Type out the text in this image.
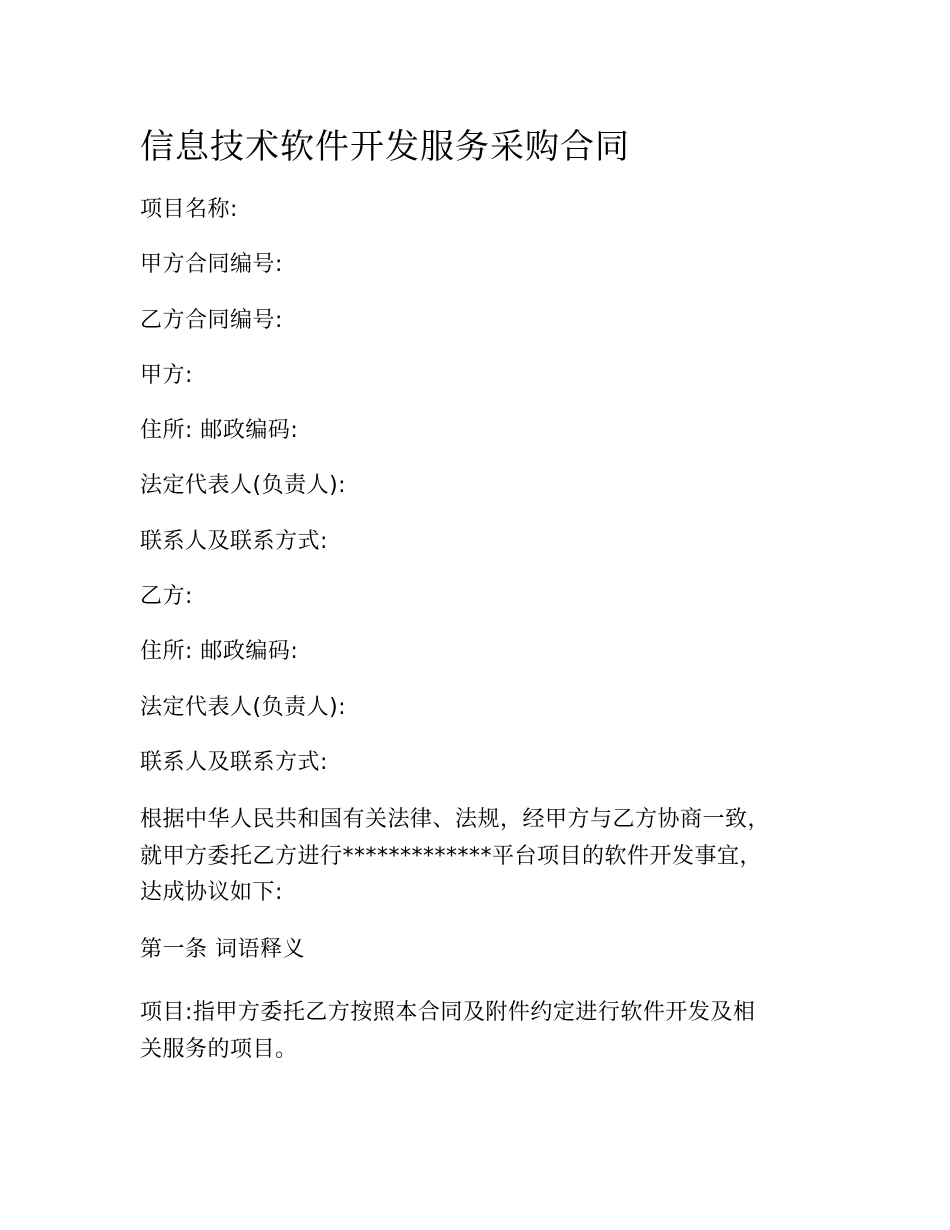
信息技术软件开发服务采购合同

项目名称:

甲方合同编号:

乙方合同编号:

甲方:

住所: 邮政编码:

法定代表人(负责人):

联系人及联系方式:

乙方:

住所: 邮政编码:

法定代表人(负责人):

联系人及联系方式:

根据中华人民共和国有关法律、法规，经甲方与乙方协商一致，
就甲方委托乙方进行*************平台项目的软件开发事宜，
达成协议如下:

第一条 词语释义

项目:指甲方委托乙方按照本合同及附件约定进行软件开发及相
关服务的项目。
